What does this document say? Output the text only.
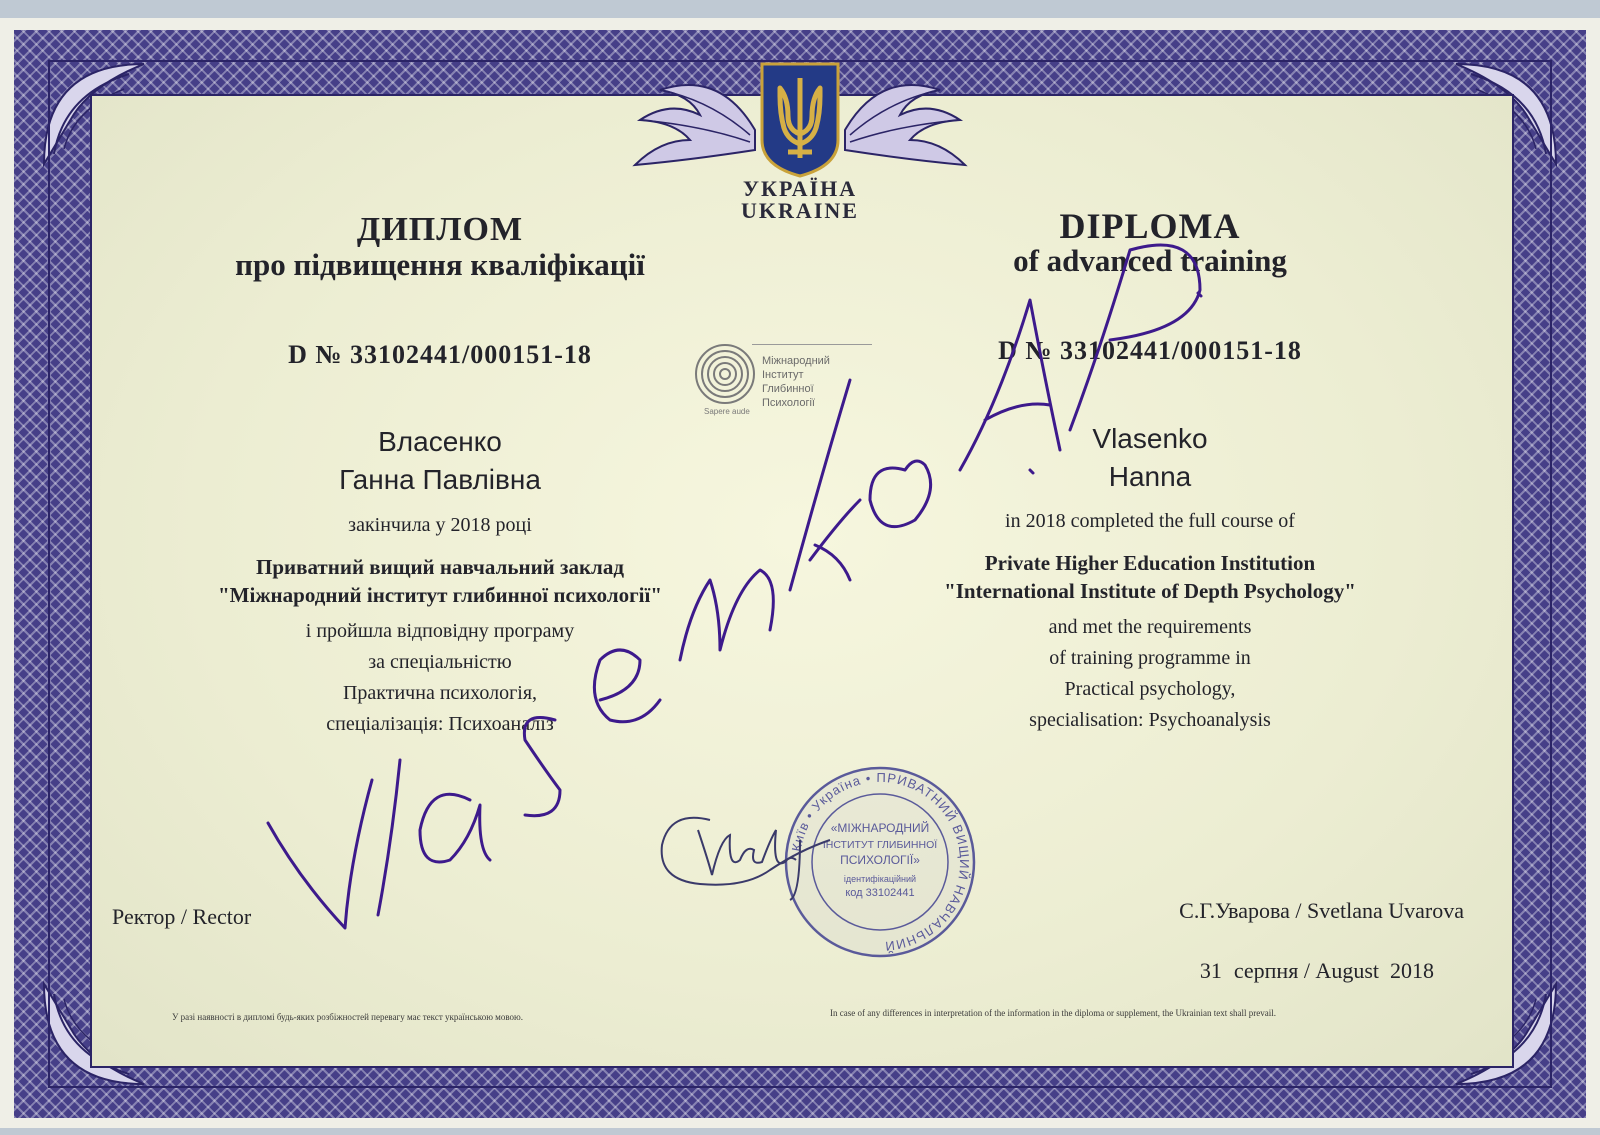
УКРАЇНА
UKRAINE
ДИПЛОМ
про підвищення кваліфікації
D № 33102441/000151-18
Власенко
Ганна Павлівна
закінчила у 2018 році
Приватний вищий навчальний заклад
"Міжнародний інститут глибинної психології"
і пройшла відповідну програму
за спеціальністю
Практична психологія,
спеціалізація: Психоаналіз
Sapere aude
Міжнародний
Інститут
Глибинної
Психології
DIPLOMA
of advanced training
D № 33102441/000151-18
Vlasenko
Hanna
in 2018 completed the full course of
Private Higher Education Institution
"International Institute of Depth Psychology"
and met the requirements
of training programme in
Practical psychology,
specialisation: Psychoanalysis
Київ • Україна • ПРИВАТНИЙ ВИЩИЙ НАВЧАЛЬНИЙ
«МІЖНАРОДНИЙ
ІНСТИТУТ ГЛИБИННОЇ
ПСИХОЛОГІЇ»
ідентифікаційний
код 33102441
Ректор / Rector	С.Г.Уварова / Svetlana Uvarova
31 серпня / August  2018
У разі наявності в дипломі будь-яких розбіжностей перевагу має текст українською мовою.	In case of any differences in interpretation of the information in the diploma or supplement, the Ukrainian text shall prevail.
